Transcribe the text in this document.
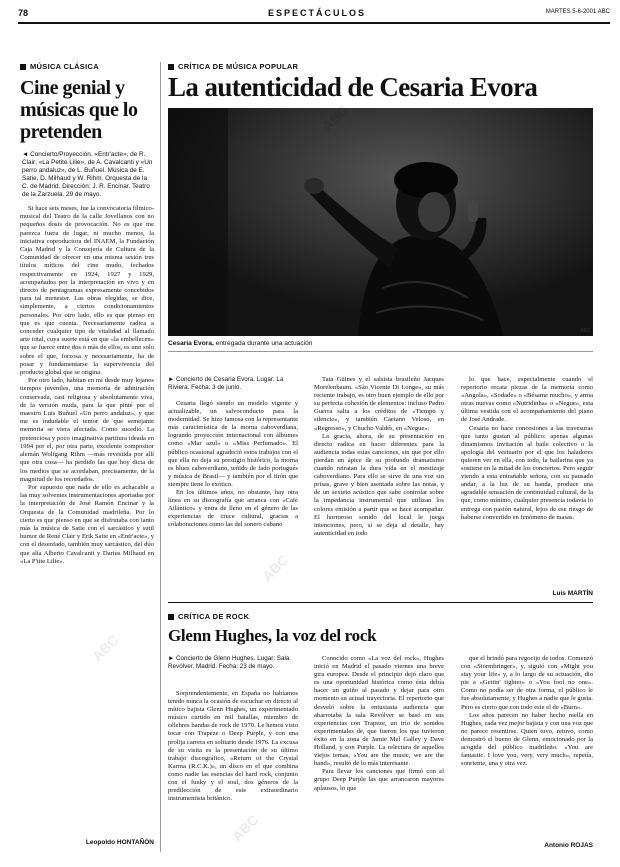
78	ESPECTÁCULOS	MARTES 5-6-2001 ABC
MÚSICA CLÁSICA
Cine genial y músicas que lo pretenden
◄ Concierto/Proyección. «Entr'acte», de R. Clair; «La Petite Lilie», de A. Cavalcanti y «Un perro andaluz», de L. Buñuel. Música de E. Satie, D. Milhaud y W. Rihm. Orquesta de la C. de Madrid. Dirección: J. R. Encinar. Teatro de la Zarzuela. 29 de mayo.

Si hace seis meses, fue la convocatoria fílmico-musical del Teatro de la calle Jovellanos con no pequeños dosis de provocación. No es que me parezca fuera de lugar, ni mucho menos, la iniciativa coproductora del INAEM, la Fundación Caja Madrid y la Consejería de Cultura de la Comunidad de ofrecer en una misma sesión tres títulos míticos del cine mudo, fechados respectivamente en 1924, 1927 y 1929, acompañados por la interpretación en vivo y en directo de pentagramas expresamente concebidos para tal menester. Las obras elegidas, se dice, simplemente, a ciertos condicionamientos personales. Por otro lado, ello es que pienso en que es que cuenta. Necesariamente radica a conceder cualquier tipo de vitalidad al llamado arte total, cuya suerte está en que «la embellecen» que se fuerce entre dos o más de ellos, es uno solo sobre el que, forzosa y necesariamente, ha de posar y fundamentarse la supervivencia del producto global que se origina.

Por otro lado, habitan en mí desde muy lejanos tiempos juveniles, una memoria de admiración conservada, casi religiosa y absolutamente viva, de la versión muda, para la que pinté por el maestro Luis Buñuel «Un perro andaluz», y que me es indudable el temor de que semejante memoria se viera afectada. Como sucedió. La pretenciosa y poco imaginativa partitura ideada en 1994 por el, por otra parte, excelente compositor alemán Wolfgang Rihm —más revestida por allí que otra cosa— ha perdido las que hoy dicta de los medios que se acordaban, precisamente, de la magnitud de los recordados.

Por supuesto que nada de ello es achacable a las muy solventes instrumentaciones aportadas por la interpretación de José Ramón Encinar y la Orquesta de la Comunidad madrileña. Por lo cierto es que pienso en que se disfrutaba con tanto más la música de Satie con el sarcástico y sutil humor de René Clair y Erik Satie en «Entr'acte», y con el desenfado, también muy sarcástico, del dúo que alía Alberto Cavalcanti y Darius Milhaud en «La P'tite Lilie».

Leopoldo HONTAÑÓN
CRÍTICA DE MÚSICA POPULAR
La autenticidad de Cesaria Evora
ABC
Cesaria Evora, entregada durante una actuación
► Concierto de Cesaria Evora. Lugar: La Riviera. Fecha: 3 de junio.

Cesaria llegó siendo un modelo vigente y actualizable, un salvoconducto para la modernidad. Se hizo famosa con la representante más característica de la morna caboverdiana, logrando proyección internacional con álbumes como «Mar azul» o «Miss Perfumado». El público ocasional agradeció estos trabajos con el que ella no deja su prestigio histórico, la morna es blues caboverdiano, teñido de fado portugués y música de Brasil— y también por el tirón que siempre tiene lo exótico.

En los últimos años, no obstante, hay otra línea en su discografía que arranca con «Café Atlántico» y entra de lleno en el género de las experiencias de cruce cultural, gracias a colaboraciones como las del sonero cubano

Tata Güines y el salsista brasileño Jacques Morelenbaum. «São Vicente Di Longe», su más reciente trabajo, es otro buen ejemplo de ello por su perfecta cohesión de elementos: incluso Pedro Guerra salta a los créditos de «Tiempo y silencio», y también Caetano Veloso, en «Regresso», y Chucho Valdés, en «Negue».

La gracia, ahora, de su presentación en directo radica en hacer diferentes para la audiencia todas estas canciones, sin que por ello pierdan un ápice de su profundo dramatismo cuando retratan la dura vida en el mestizaje caboverdiano. Para ello se sirve de una voz sin prisas, grave y bien asentada sobre las notas, y de un sexteto acústico que sabe controlar sobre la impedancia instrumental que utilizan los colores emisión a partir que se hace acompañar. El horroroso sonido del local le juega intenciones, pero, si se deja al detalle, hay autenticidad en todo

lo que hace, especialmente cuando el repertorio recata piezas de la memoria como «Angola», «Sodade» o «Bésame mucho», y arma otras nuevas como «Nutridinha» o «Negue», esta última vestida con el acompañamiento del piano de José Andrade.

Cesaria no hace concesiones a las travesuras que tanto gustan al público: apenas algunas dinamismos invitación al baile colectivo o la apología del vestuario por el que los haladores quieren ver en ella, con todo, la bailarina que ya sostiene en la mitad de los conciertos. Pero seguir viendo a esta entrañable señora, con su pausado andar, a la luz de su banda, produce una agradable sensación de continuidad cultural, de la que, como mínimo, cualquier presencia todavía lo entrega con pasión natural, lejos de ese riesgo de haberse convertido en fenómeno de masas.

Luis MARTÍN
CRÍTICA DE ROCK
Glenn Hughes, la voz del rock
► Concierto de Glenn Hughes. Lugar: Sala Revólver, Madrid. Fecha: 23 de mayo.

Sorprendentemente, en España no habíamos tenido nunca la ocasión de escuchar en directo al mítico bajista Glenn Hughes, un experimentado músico curtido en mil batallas, miembro de célebres bandas de rock de 1970. Le hemos visto tocar con Trapeze o Deep Purple, y con una prolija carrera en solitario desde 1976. La excusa de su visita es la presentación de su último trabajo discográfico, «Return of the Crystal Karma (R.C.K.)», un disco en el que combina como nadie las esencias del hard rock, conjunto con el funky y el soul, dos géneros de la predilección de este extraordinario instrumentista británico.

Conocido como «La voz del rock», Hughes inició en Madrid el pasado viernes una breve gira europea. Desde el principio dejó claro que es una oportunidad histórica como ésta debía hacer un guiño al pasado y dejar para otro momento su actual trayectoria. El repertorio que desveló sobre la entusiasta audiencia que abarrotaba la sala Revólver se basó en sus experiencias con Trapeze, un trío de sonidos experimentales de, que fueron los que tuvieron éxito en la zona de Jamie Mel Galley y Dave Holland, y con Purple. La relectura de aquellos viejos temas, «You are the music, we are the band», resultó de lo más interesante.

Para llevar los canciones que firmó con el grupo Deep Purple las que arrancaron mayores aplausos, lo que

que el brindó para regocijo de todos. Comenzó con «Stormbringer», y, siguió con «Might you stay your life» y, a lo largo de su actuación, dio pie a «Gettin' tighter» o «You fool no one». Como no podía ser de otra forma, el público le fue absolutamente, y Hughes a nadie que le gusta. Pero es cierto que con todo este el de «Burn».

Los años parecen no haber hecho mella en Hughes, cada vez mejor bajista y con una voz que no parece resentirse. Quien tuvo, retuvo, como demostró el bueno de Glenn, emocionado por la acogida del público madrileño. «You are fantastic. I love you, very, very much», repetía, sonriente, una y otra vez.

Antonio ROJAS
ABC
ABC
ABC
ABC
ABC
